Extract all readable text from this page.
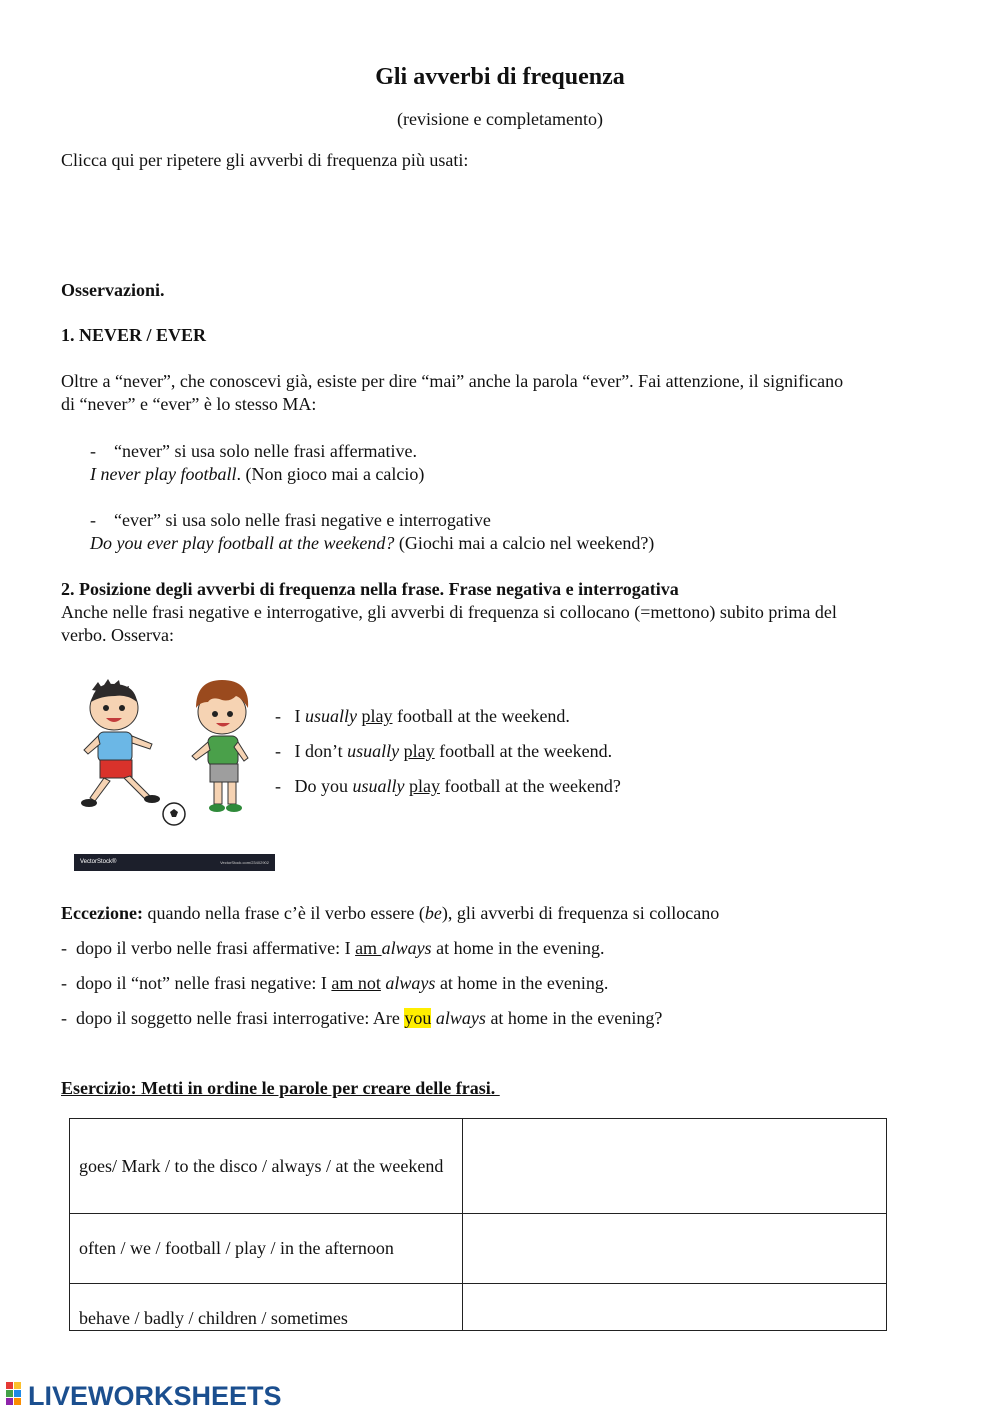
Gli avverbi di frequenza
(revisione e completamento)
Clicca qui per ripetere gli avverbi di frequenza più usati:
Osservazioni.
1. NEVER / EVER
Oltre a “never”, che conoscevi già, esiste per dire “mai” anche la parola “ever”. Fai attenzione, il significano
di “never” e “ever” è lo stesso MA:
-    “never” si usa solo nelle frasi affermative.
I never play football. (Non gioco mai a calcio)
-    “ever” si usa solo nelle frasi negative e interrogative
Do you ever play football at the weekend? (Giochi mai a calcio nel weekend?)
2. Posizione degli avverbi di frequenza nella frase. Frase negativa e interrogativa
Anche nelle frasi negative e interrogative, gli avverbi di frequenza si collocano (=mettono) subito prima del
verbo. Osserva:
VectorStock®	VectorStock.com/23402902
-   I usually play football at the weekend.
-   I don’t usually play football at the weekend.
-   Do you usually play football at the weekend?
Eccezione: quando nella frase c’è il verbo essere (be), gli avverbi di frequenza si collocano
-  dopo il verbo nelle frasi affermative: I am always at home in the evening.
-  dopo il “not” nelle frasi negative: I am not always at home in the evening.
-  dopo il soggetto nelle frasi interrogative: Are you always at home in the evening?
Esercizio: Metti in ordine le parole per creare delle frasi.
goes/ Mark / to the disco / always / at the weekend	
often / we / football / play / in the afternoon	
behave / badly / children / sometimes	
LIVEWORKSHEETS
